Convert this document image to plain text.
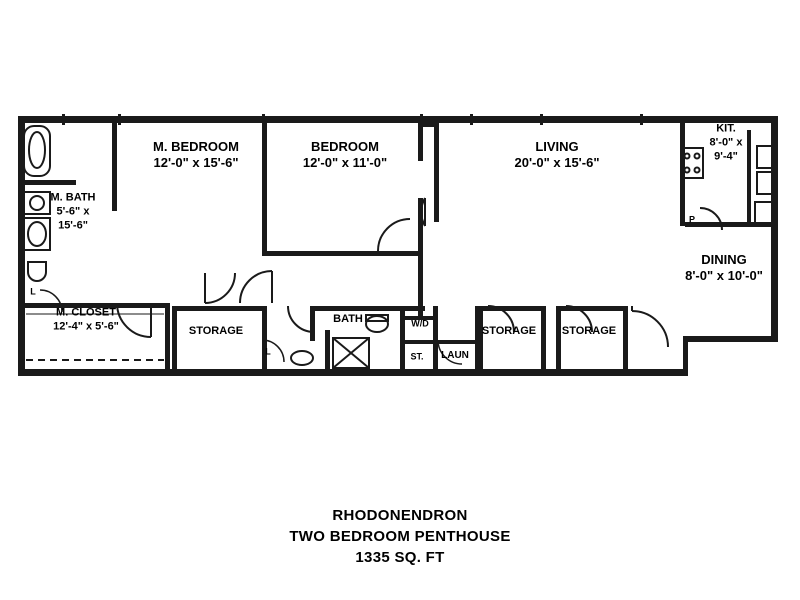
M. BEDROOM
12'-0" x 15'-6"
BEDROOM
12'-0" x 11'-0"
LIVING
20'-0" x 15'-6"
KIT.
8'-0" x
9'-4"
DINING
8'-0" x 10'-0"
M. BATH
5'-6" x
15'-6"
M. CLOSET
12'-4" x 5'-6"	STORAGE
BATH	W/D
ST. LAUN
STORAGE STORAGE
P
L
L
RHODONENDRON
TWO BEDROOM PENTHOUSE
1335 SQ. FT
